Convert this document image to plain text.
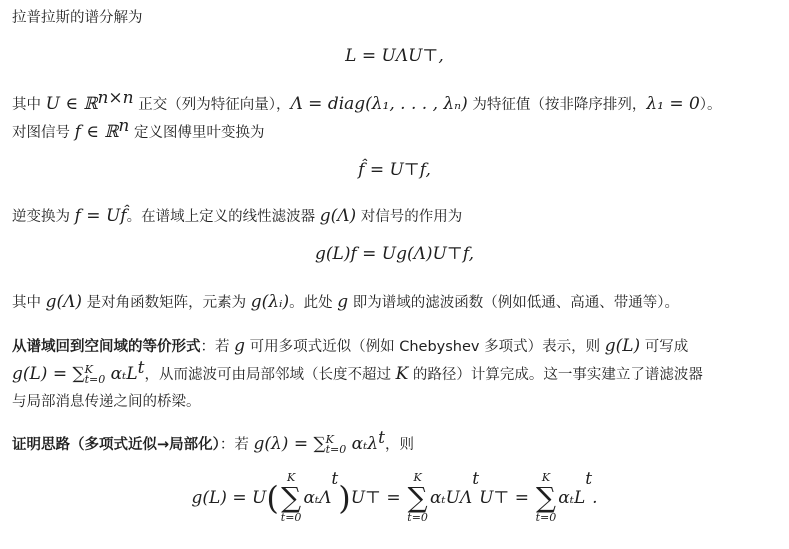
拉普拉斯的谱分解为
L = UΛU⊤,
其中 U ∈ ℝ$^{n\times n}$ 正交（列为特征向量），Λ = diag(λ₁, . . . , λₙ) 为特征值（按非降序排列，λ₁ = 0）。
对图信号 f ∈ ℝ$^n$ 定义图傅里叶变换为
f̂ = U⊤f,
逆变换为 f = Uf̂。在谱域上定义的线性滤波器 g(Λ) 对信号的作用为
g(L)f = Ug(Λ)U⊤f,
其中 g(Λ) 是对角函数矩阵，元素为 g(λᵢ)。此处 g 即为谱域的滤波函数（例如低通、高通、带通等）。
从谱域回到空间域的等价形式：若 g 可用多项式近似（例如 Chebyshev 多项式）表示，则 g(L) 可写成
g(L) = ∑ K
t=0 αₜL$^t$，从而滤波可由局部邻域（长度不超过 K 的路径）计算完成。这一事实建立了谱滤波器
与局部消息传递之间的桥梁。
证明思路（多项式近似→局部化）：若 g(λ) = ∑ K
t=0 αₜλ$^t$，则
g(L) = U(
K
∑
t=0
αₜΛ$^t$)U⊤ =
K
∑
t=0
αₜUΛ$^t$U⊤ =
K
∑
t=0
αₜL$^t$.
